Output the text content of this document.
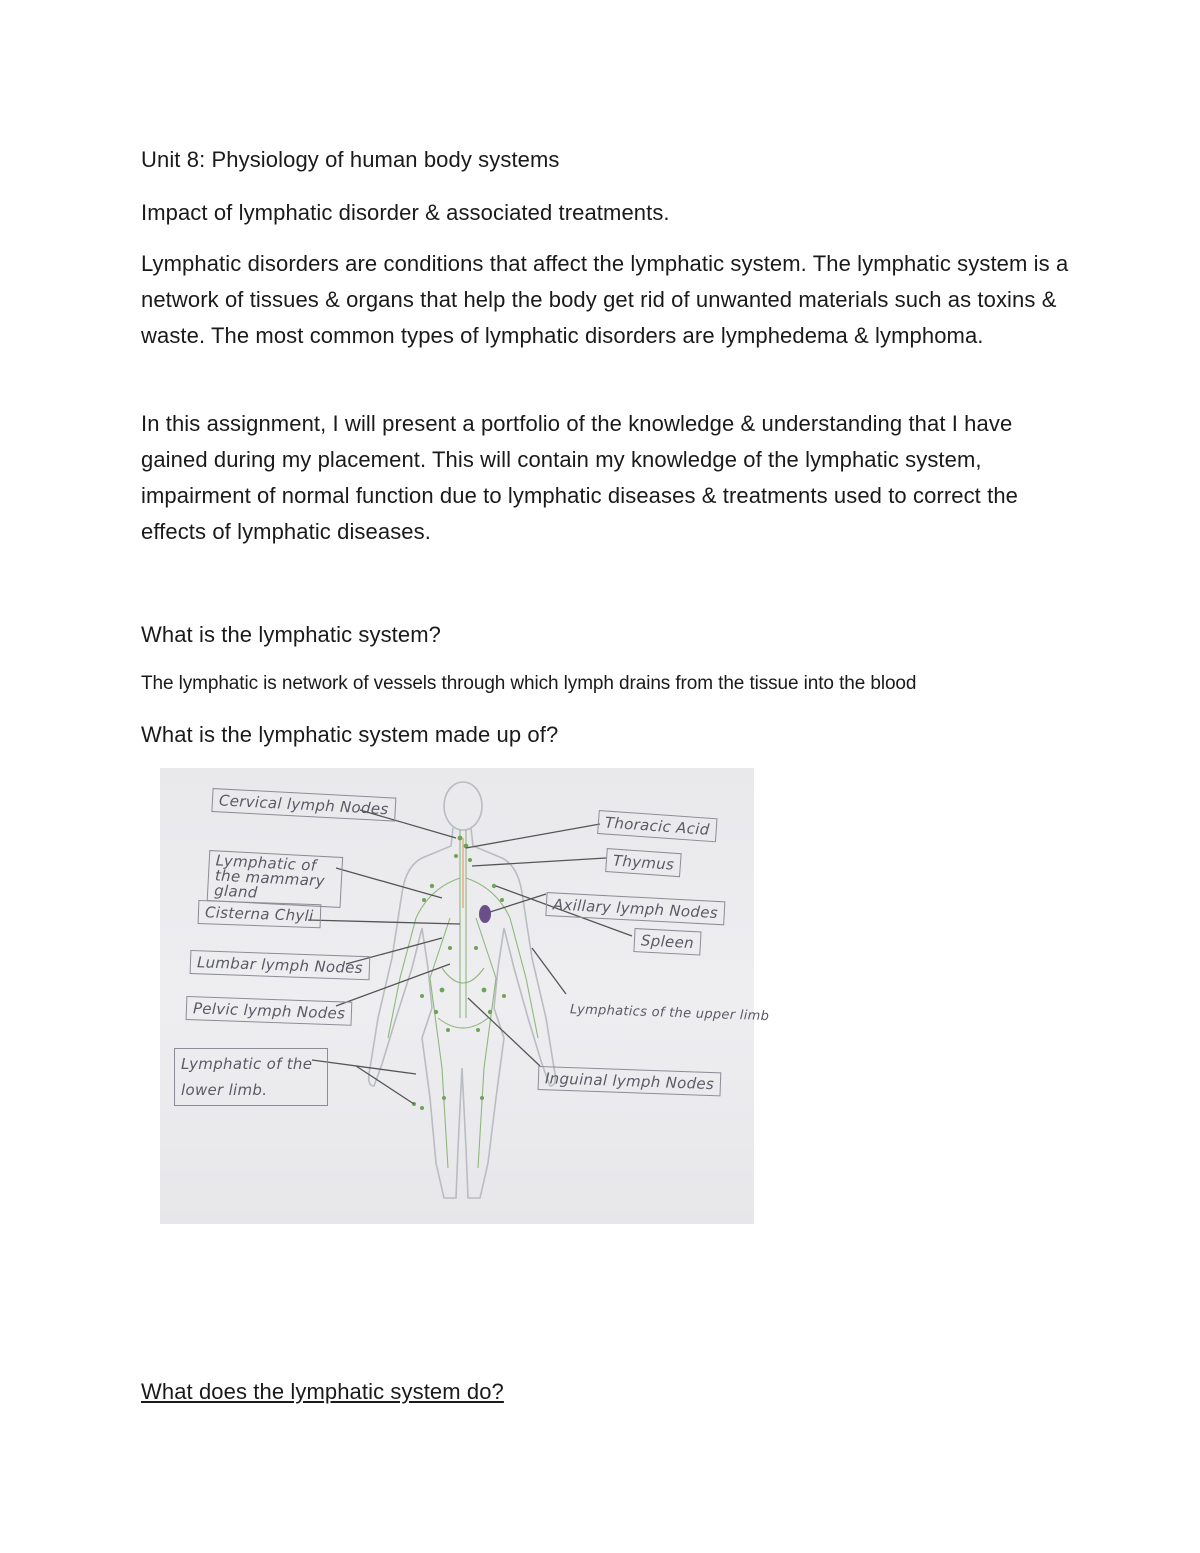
Unit 8: Physiology of human body systems
Impact of lymphatic disorder & associated treatments.
Lymphatic disorders are conditions that affect the lymphatic system. The lymphatic system is a network of tissues & organs that help the body get rid of unwanted materials such as toxins & waste. The most common types of lymphatic disorders are lymphedema & lymphoma.
In this assignment, I will present a portfolio of the knowledge & understanding that I have gained during my placement. This will contain my knowledge of the lymphatic system, impairment of normal function due to lymphatic diseases & treatments used to correct the effects of lymphatic diseases.
What is the lymphatic system?
The lymphatic is network of vessels through which lymph drains from the tissue into the blood
What is the lymphatic system made up of?
Cervical lymph Nodes
Lymphatic of the mammary gland
Cisterna Chyli
Lumbar lymph Nodes
Pelvic lymph Nodes
Lymphatic of the lower limb.
Thoracic Acid
Thymus
Axillary lymph Nodes
Spleen
Lymphatics of the upper limb
Inguinal lymph Nodes
What does the lymphatic system do?
